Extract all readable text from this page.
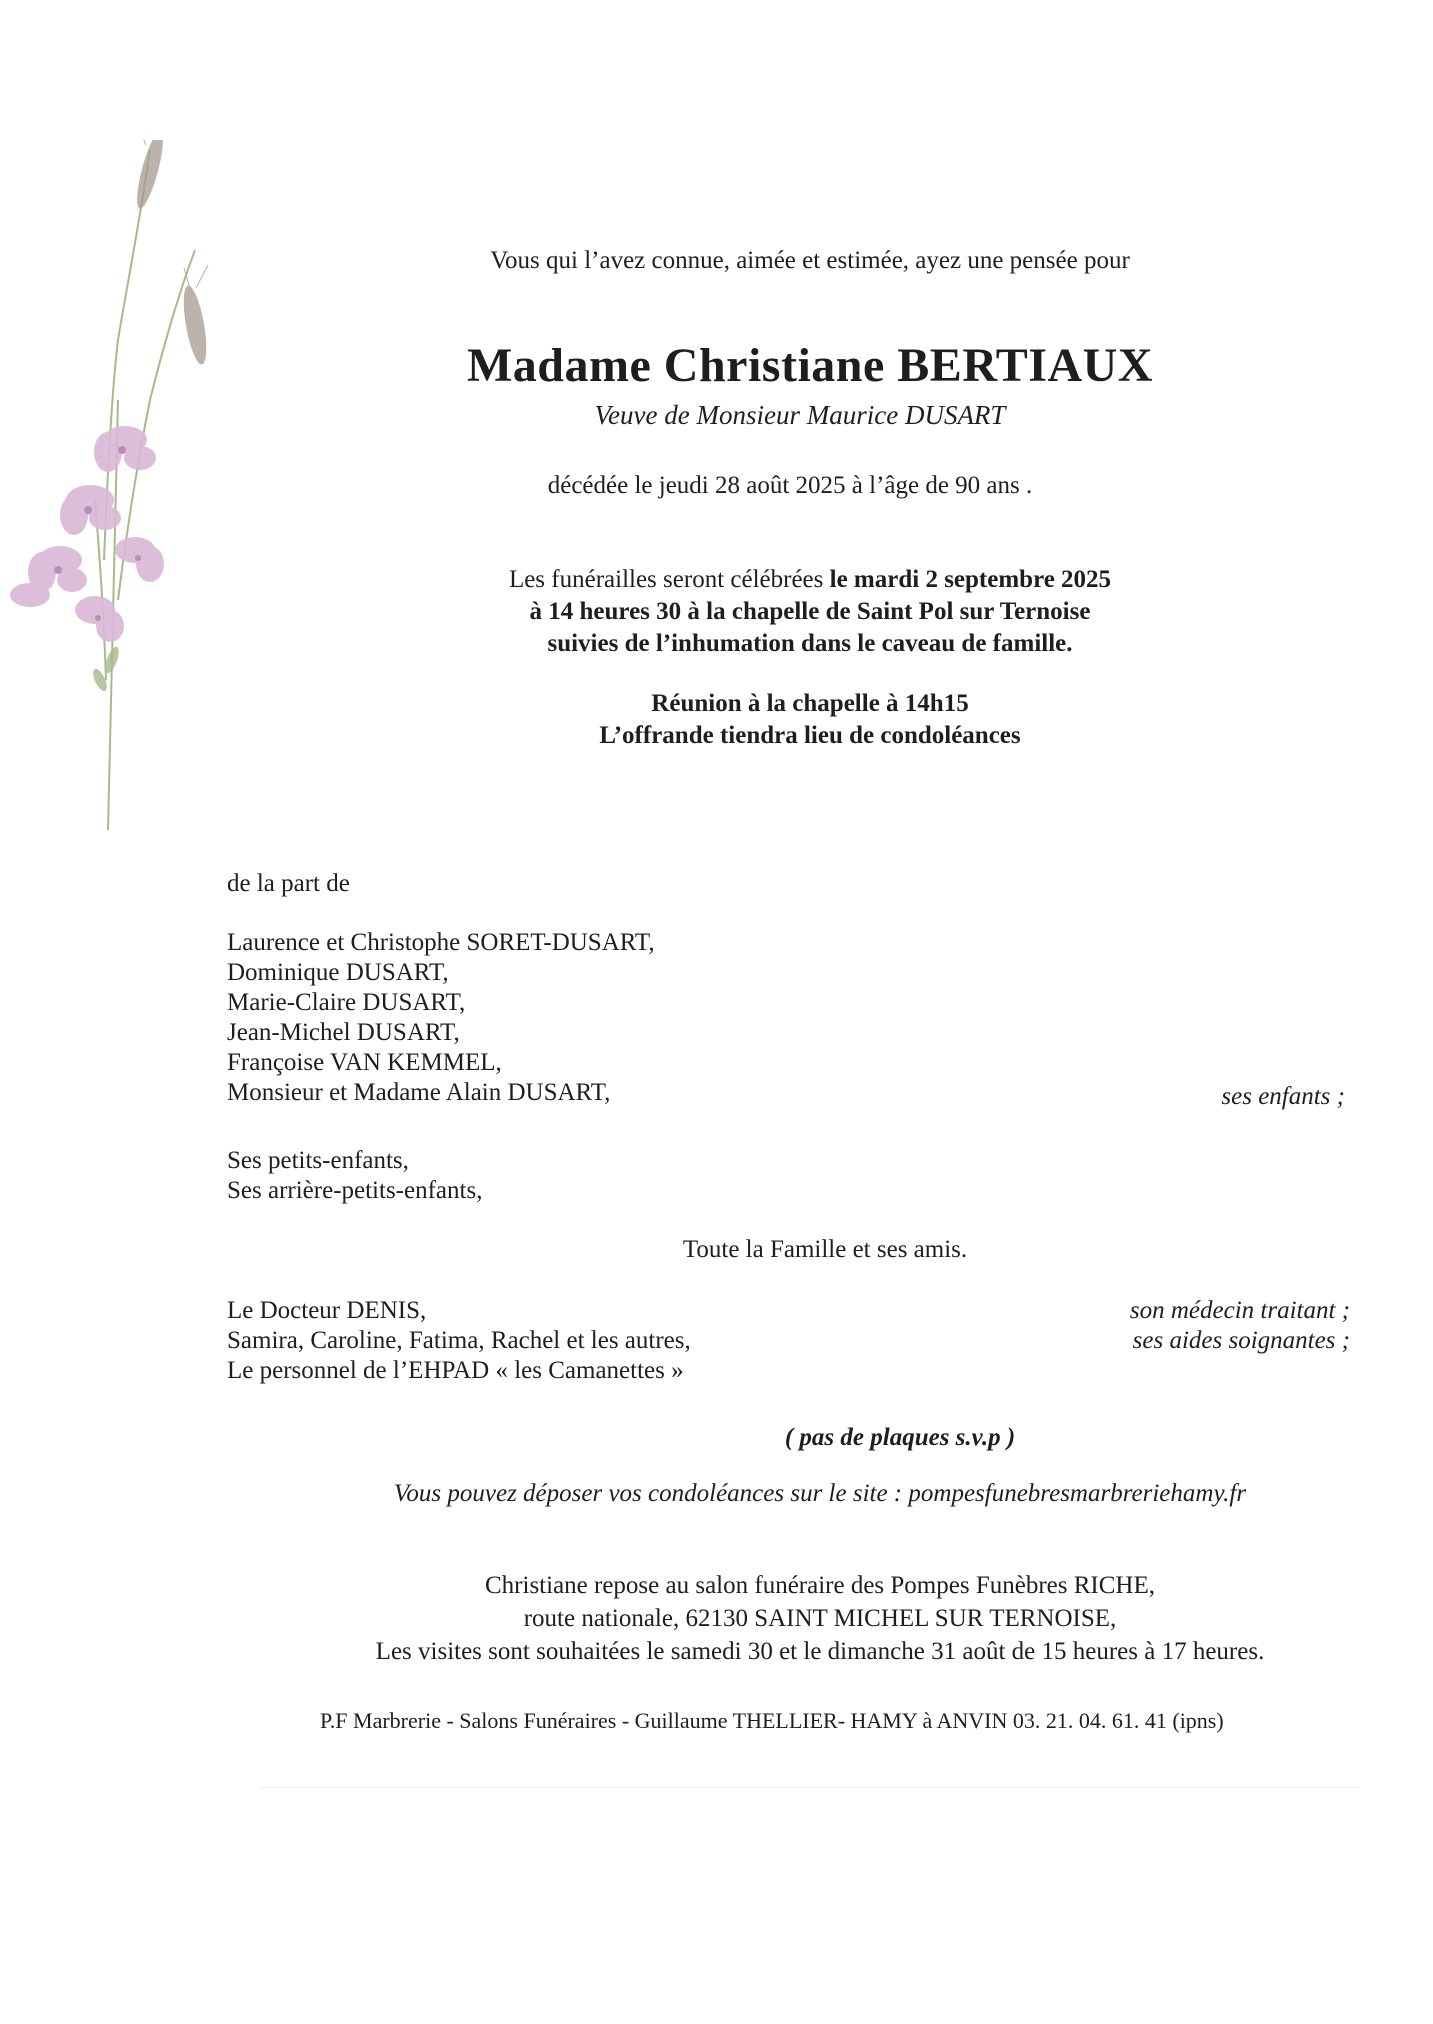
Vous qui l’avez connue, aimée et estimée, ayez une pensée pour
Madame Christiane BERTIAUX
Veuve de Monsieur Maurice DUSART
décédée le jeudi 28 août 2025 à l’âge de 90 ans .
Les funérailles seront célébrées le mardi 2 septembre 2025
à 14 heures 30 à la chapelle de Saint Pol sur Ternoise
suivies de l’inhumation dans le caveau de famille.
Réunion à la chapelle à 14h15
L’offrande tiendra lieu de condoléances
de la part de
Laurence et Christophe SORET-DUSART,
Dominique DUSART,
Marie-Claire DUSART,
Jean-Michel DUSART,
Françoise VAN KEMMEL,
Monsieur et Madame Alain DUSART,	ses enfants ;
Ses petits-enfants,
Ses arrière-petits-enfants,
Toute la Famille et ses amis.
Le Docteur DENIS,
Samira, Caroline, Fatima, Rachel et les autres,
Le personnel de l’EHPAD « les Camanettes »
son médecin traitant ;
ses aides soignantes ;
( pas de plaques s.v.p )
Vous pouvez déposer vos condoléances sur le site : pompesfunebresmarbreriehamy.fr
Christiane repose au salon funéraire des Pompes Funèbres RICHE,
route nationale, 62130 SAINT MICHEL SUR TERNOISE,
Les visites sont souhaitées le samedi 30 et le dimanche 31 août de 15 heures à 17 heures.
P.F Marbrerie - Salons Funéraires - Guillaume THELLIER- HAMY à ANVIN 03. 21. 04. 61. 41 (ipns)
